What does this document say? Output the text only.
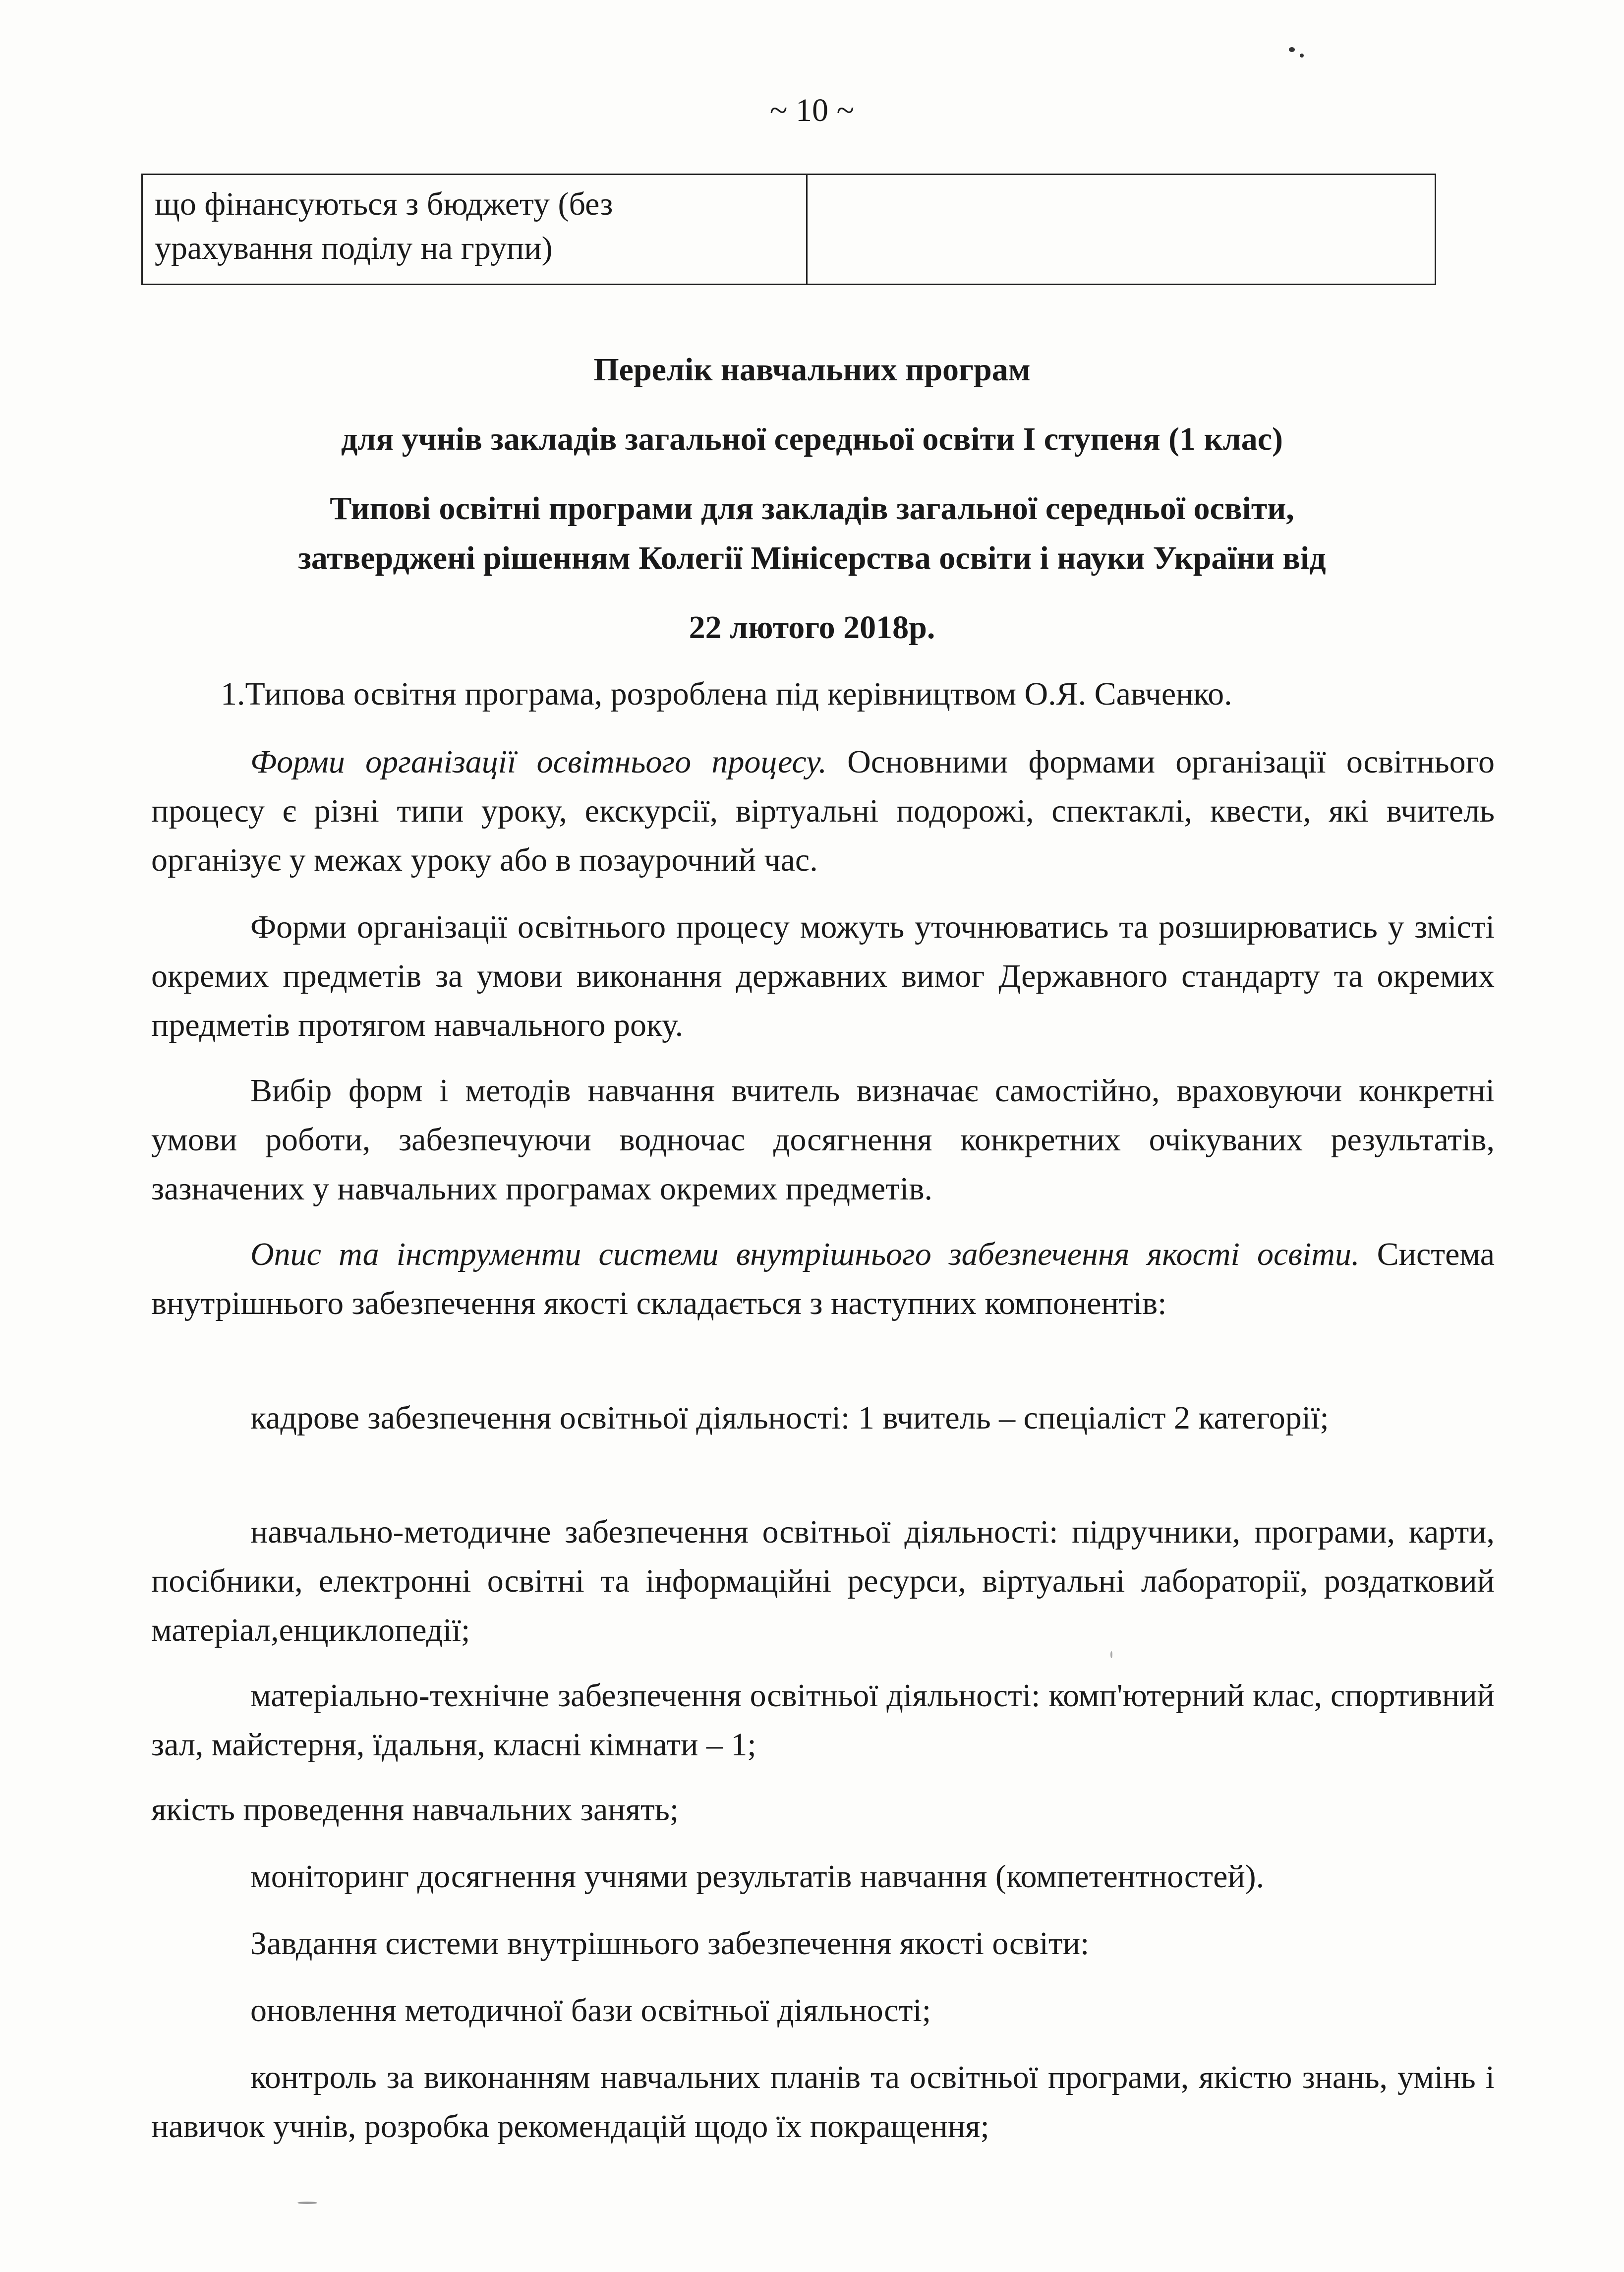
~ 10 ~
що фінансуються з бюджету (без
урахування поділу на групи)

Перелік навчальних програм
для учнів закладів загальної середньої освіти І ступеня (1 клас)
Типові освітні програми для закладів загальної середньої освіти,
затверджені рішенням Колегії Мінісерства освіти і науки України від
22 лютого 2018р.
1.Типова освітня програма, розроблена під керівництвом О.Я. Савченко.
Форми організації освітнього процесу. Основними формами організації освітнього процесу є різні типи уроку, екскурсії, віртуальні подорожі, спектаклі, квести, які вчитель організує у межах уроку або в позаурочний час.
Форми організації освітнього процесу можуть уточнюватись та розширюватись у змісті окремих предметів за умови виконання державних вимог Державного стандарту та окремих предметів протягом навчального року.
Вибір форм і методів навчання вчитель визначає самостійно, враховуючи конкретні умови роботи, забезпечуючи водночас досягнення конкретних очікуваних результатів, зазначених у навчальних програмах окремих предметів.
Опис та інструменти системи внутрішнього забезпечення якості освіти. Система внутрішнього забезпечення якості складається з наступних компонентів:
кадрове забезпечення освітньої діяльності: 1 вчитель – спеціаліст 2 категорії;
навчально-методичне забезпечення освітньої діяльності: підручники, програми, карти, посібники, електронні освітні та інформаційні ресурси, віртуальні лабораторії, роздатковий матеріал,енциклопедії;
матеріально-технічне забезпечення освітньої діяльності: комп'ютерний клас, спортивний зал, майстерня, їдальня, класні кімнати – 1;
якість проведення навчальних занять;
моніторинг досягнення учнями результатів навчання (компетентностей).
Завдання системи внутрішнього забезпечення якості освіти:
оновлення методичної бази освітньої діяльності;
контроль за виконанням навчальних планів та освітньої програми, якістю знань, умінь і навичок учнів, розробка рекомендацій щодо їх покращення;
